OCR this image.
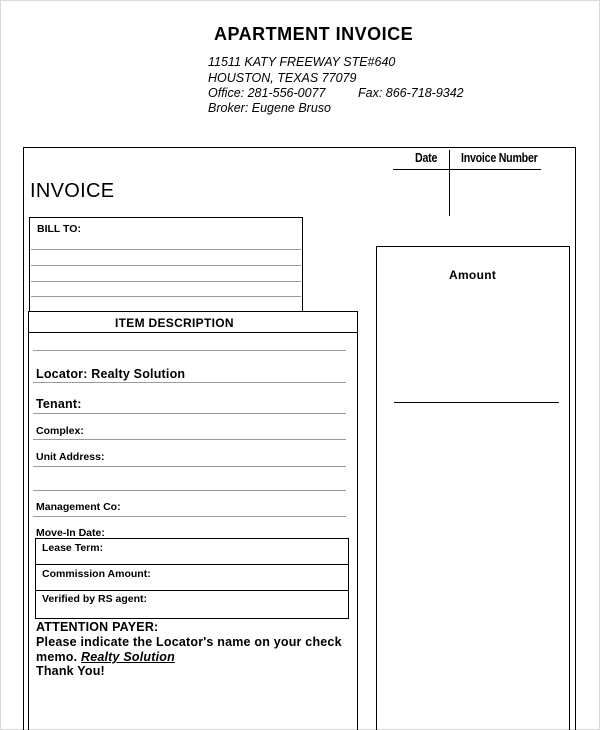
APARTMENT INVOICE
11511 KATY FREEWAY STE#640
HOUSTON, TEXAS 77079
Office: 281-556-0077	Fax: 866-718-9342
Broker: Eugene Bruso
Date Invoice Number
INVOICE
BILL TO:
ITEM DESCRIPTION
Locator: Realty Solution
Tenant:
Complex:
Unit Address:
Management Co:
Move-In Date:
Lease Term:
Commission Amount:
Verified by RS agent:
ATTENTION PAYER:
Please indicate the Locator's name on your check
memo. Realty Solution
Thank You!
Amount
